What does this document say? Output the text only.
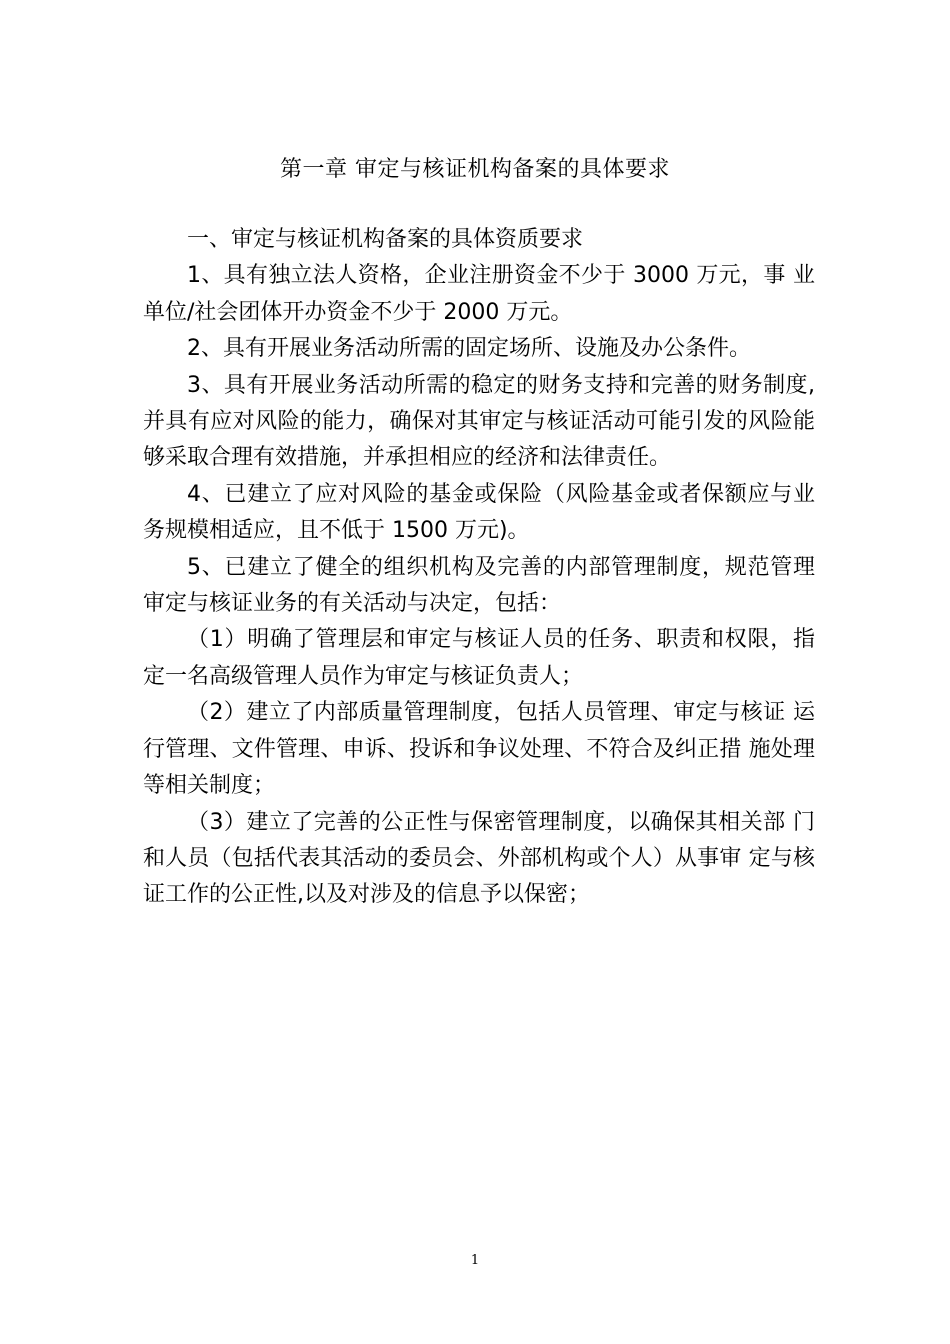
第一章 审定与核证机构备案的具体要求

一、审定与核证机构备案的具体资质要求

1、具有独立法人资格，企业注册资金不少于 3000 万元，事 业单位/社会团体开办资金不少于 2000 万元。

2、具有开展业务活动所需的固定场所、设施及办公条件。

3、具有开展业务活动所需的稳定的财务支持和完善的财务制度,并具有应对风险的能力，确保对其审定与核证活动可能引发的风险能够采取合理有效措施，并承担相应的经济和法律责任。

4、已建立了应对风险的基金或保险（风险基金或者保额应与业务规模相适应，且不低于 1500 万元)。

5、已建立了健全的组织机构及完善的内部管理制度，规范管理审定与核证业务的有关活动与决定，包括：

（1）明确了管理层和审定与核证人员的任务、职责和权限，指定一名高级管理人员作为审定与核证负责人；

（2）建立了内部质量管理制度，包括人员管理、审定与核证 运行管理、文件管理、申诉、投诉和争议处理、不符合及纠正措 施处理等相关制度；

（3）建立了完善的公正性与保密管理制度，以确保其相关部 门和人员（包括代表其活动的委员会、外部机构或个人）从事审 定与核证工作的公正性,以及对涉及的信息予以保密；

1
